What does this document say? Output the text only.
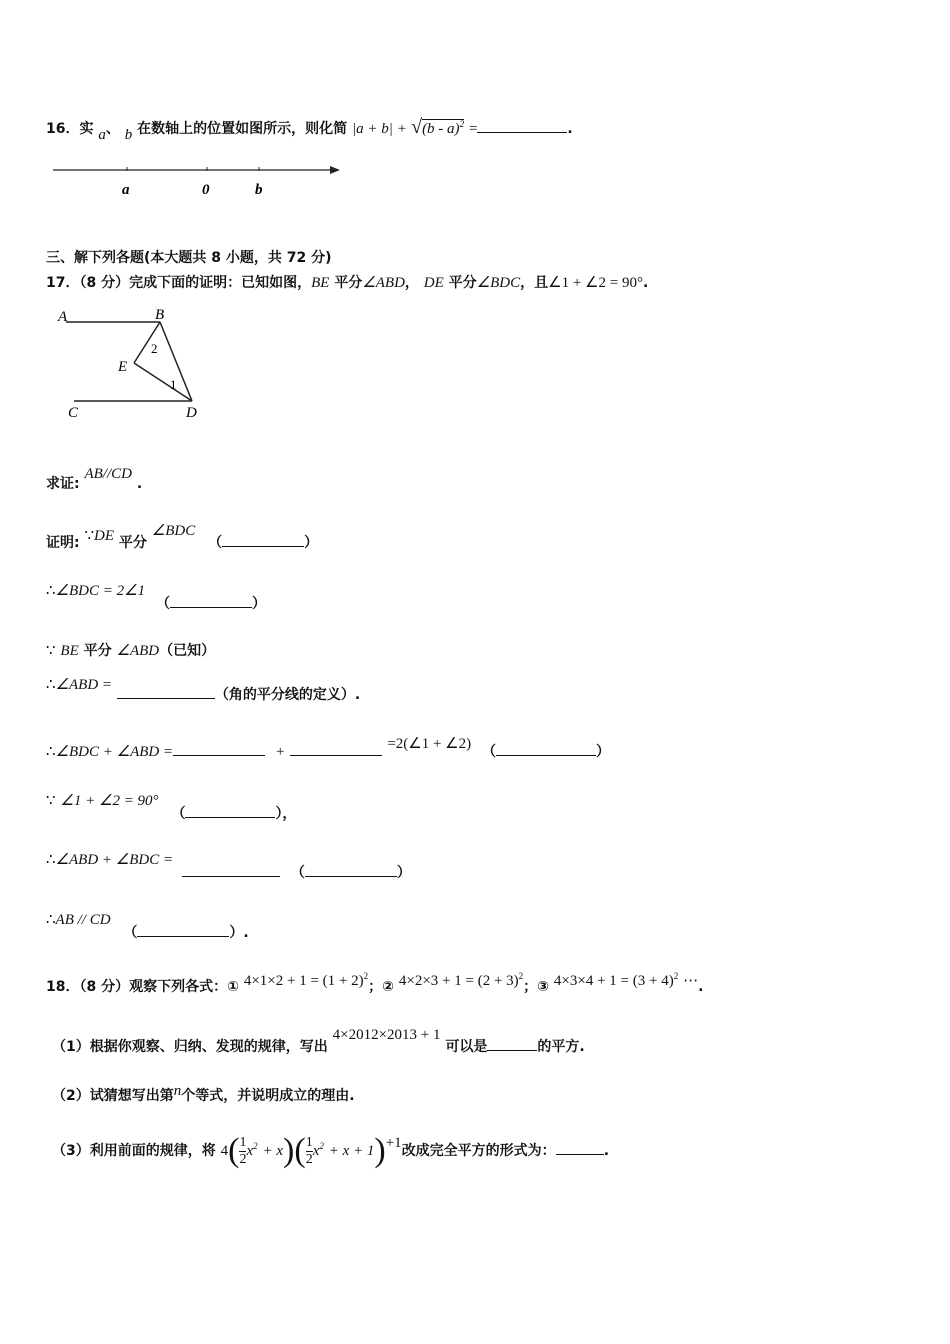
16．实 a、 b 在数轴上的位置如图所示，则化简 |a + b| + √(b - a)$^2$ =	.
a	0	b
三、解下列各题(本大题共 8 小题，共 72 分)
17．（8 分）完成下面的证明：已知如图，BE 平分∠ABD， DE 平分∠BDC，且∠1 + ∠2 = 90°.
A	B
E
C	D
2
1
求证: AB//CD .
证明: ∵DE 平分 ∠BDC （	）
∴∠BDC = 2∠1 （	）
∵ BE 平分 ∠ABD（已知）
∴∠ABD = （角的平分线的定义）.
∴∠BDC + ∠ABD =	+	=2(∠1 + ∠2) （	）
∵ ∠1 + ∠2 = 90° （	），
∴∠ABD + ∠BDC =  （	）
∴AB // CD （	）.
18．（8 分）观察下列各式：① $4\times 1\times 2 + 1 = (1 + 2)^2$；② $4\times 2\times 3 + 1 = (2 + 3)^2$；③ $4\times 3\times 4 + 1 = (3 + 4)^2$ ⋯.
（1）根据你观察、归纳、发现的规律，写出 4×2012×2013 + 1 可以是	的平方.
（2）试猜想写出第n个等式，并说明成立的理由.
（3）利用前面的规律，将 $4( \frac{1}{2} x^2 + x)( \frac{1}{2} x^2 + x + 1)+1$改成完全平方的形式为：	.
